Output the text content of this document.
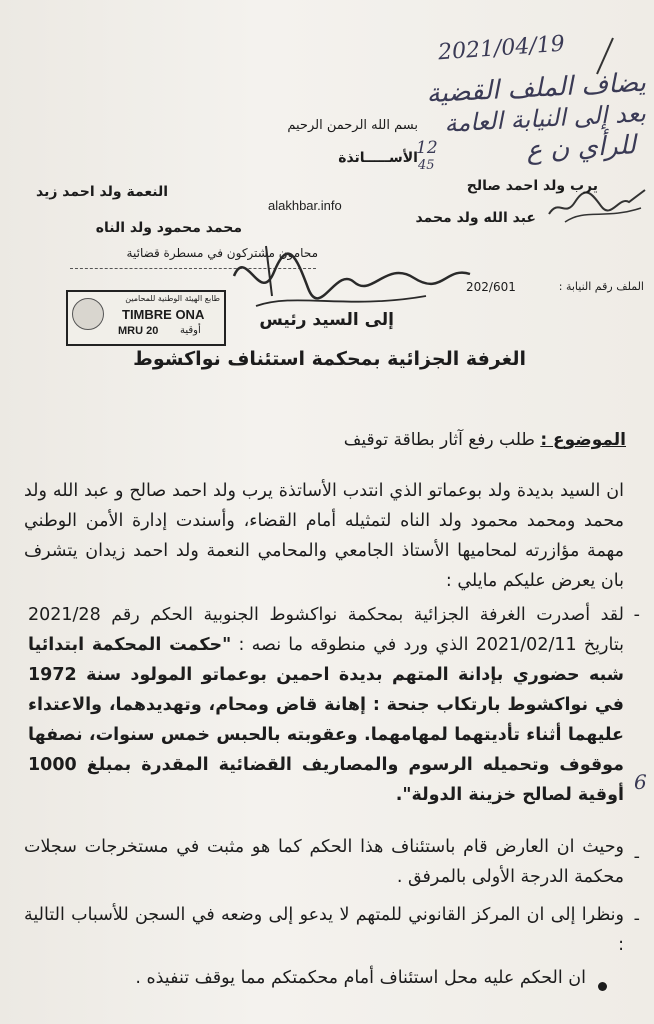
2021/04/19
يضاف الملف القضية
بعد إلى النيابة العامة
للرأي ن ع
12
45
بسم الله الرحمن الرحيم
الأســـــاتذة
يرب ولد احمد صالح
عبد الله ولد محمد
النعمة ولد احمد زيد
محمد محمود ولد الناه
alakhbar.info
محامون مشتركون في مسطرة قضائية
الملف رقم النيابة :
202/601
طابع الهيئة الوطنية للمحامين
TIMBRE ONA
MRU 20 أوقية
إلى السيد رئيس
الغرفة الجزائية بمحكمة استئناف نواكشوط
الموضوع : طلب رفع آثار بطاقة توقيف
ان السيد بديدة ولد بوعماتو الذي انتدب الأساتذة يرب ولد احمد صالح و عبد الله ولد محمد ومحمد محمود ولد الناه لتمثيله أمام القضاء، وأسندت إدارة الأمن الوطني مهمة مؤازرته لمحاميها الأستاذ الجامعي والمحامي النعمة ولد احمد زيدان يتشرف بان يعرض عليكم مايلي :
-
لقد أصدرت الغرفة الجزائية بمحكمة نواكشوط الجنوبية الحكم رقم 2021/28 بتاريخ 2021/02/11 الذي ورد في منطوقه ما نصه : "حكمت المحكمة ابتدائيا شبه حضوري بإدانة المتهم بديدة احمين بوعماتو المولود سنة 1972 في نواكشوط بارتكاب جنحة : إهانة قاض ومحام، وتهديدهما، والاعتداء عليهما أثناء تأديتهما لمهامهما. وعقوبته بالحبس خمس سنوات، نصفها موقوف وتحميله الرسوم والمصاريف القضائية المقدرة بمبلغ 1000 أوقية لصالح خزينة الدولة".
-
وحيث ان العارض قام باستئناف هذا الحكم كما هو مثبت في مستخرجات سجلات محكمة الدرجة الأولى بالمرفق .
-
ونظرا إلى ان المركز القانوني للمتهم لا يدعو إلى وضعه في السجن للأسباب التالية :
ان الحكم عليه محل استئناف أمام محكمتكم مما يوقف تنفيذه .
6
